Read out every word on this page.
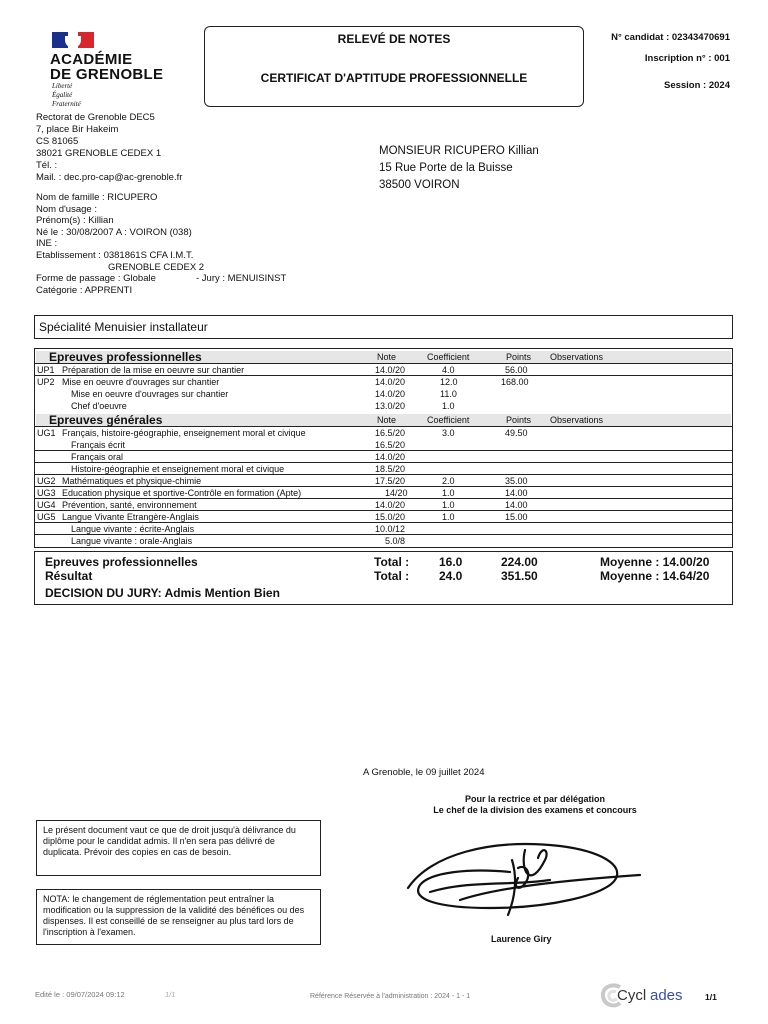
ACADÉMIE
DE GRENOBLE
Liberté
Égalité
Fraternité
RELEVÉ DE NOTES
CERTIFICAT D'APTITUDE PROFESSIONNELLE
N° candidat : 02343470691
Inscription n° : 001
Session : 2024
Rectorat de Grenoble DEC5
7, place Bir Hakeim
CS 81065
38021 GRENOBLE CEDEX 1
Tél. :
Mail. : dec.pro-cap@ac-grenoble.fr
MONSIEUR RICUPERO Killian
15 Rue Porte de la Buisse
38500 VOIRON
Nom de famille : RICUPERO
Nom d'usage :
Prénom(s) : Killian
Né le : 30/08/2007 A : VOIRON (038)
INE :
Etablissement : 0381861S CFA I.M.T.
GRENOBLE CEDEX 2
Forme de passage : Globale	- Jury : MENUISINST
Catégorie : APPRENTI
Spécialité Menuisier installateur
Epreuves professionnelles	Note	Coefficient	Points Observations
UP1 Préparation de la mise en oeuvre sur chantier	14.0/20	4.0	56.00
UP2 Mise en oeuvre d'ouvrages sur chantier	14.0/20	12.0	168.00
Mise en oeuvre d'ouvrages sur chantier	14.0/20	11.0
Chef d'oeuvre	13.0/20	1.0
Epreuves générales	Note	Coefficient	Points Observations
UG1 Français, histoire-géographie, enseignement moral et civique	16.5/20	3.0	49.50
Français écrit	16.5/20
Français oral	14.0/20
Histoire-géographie et enseignement moral et civique	18.5/20
UG2 Mathématiques et physique-chimie	17.5/20	2.0	35.00
UG3 Education physique et sportive-Contrôle en formation (Apte)	14/20	1.0	14.00
UG4 Prévention, santé, environnement	14.0/20	1.0	14.00
UG5 Langue Vivante Etrangère-Anglais	15.0/20	1.0	15.00
Langue vivante : écrite-Anglais	10.0/12
Langue vivante : orale-Anglais	5.0/8
Epreuves professionnelles	Total : 16.0	224.00	Moyenne : 14.00/20
Résultat	Total : 24.0	351.50	Moyenne : 14.64/20
DECISION DU JURY: Admis Mention Bien
A Grenoble, le 09 juillet 2024
Pour la rectrice et par délégation
Le chef de la division des examens et concours
Laurence Giry
Le présent document vaut ce que de droit jusqu'à délivrance du diplôme pour le candidat admis. Il n'en sera pas délivré de duplicata. Prévoir des copies en cas de besoin.
NOTA: le changement de réglementation peut entraîner la modification ou la suppression de la validité des bénéfices ou des dispenses. Il est conseillé de se renseigner au plus tard lors de l'inscription à l'examen.
Edité le : 09/07/2024 09:12	1/1	Référence Réservée à l'administration : 2024 - 1 - 1	Cycl ades	1/1
